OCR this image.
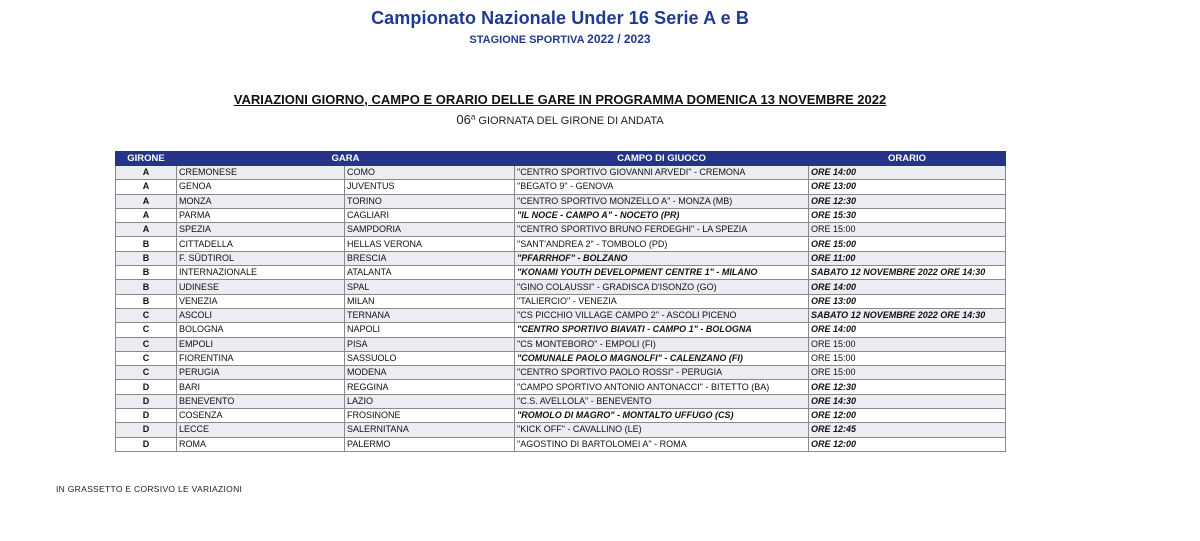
Campionato Nazionale Under 16 Serie A e B
STAGIONE SPORTIVA 2022 / 2023
VARIAZIONI GIORNO, CAMPO E ORARIO DELLE GARE IN PROGRAMMA DOMENICA 13 NOVEMBRE 2022
06$^a$ GIORNATA DEL GIRONE DI ANDATA
GIRONE	GARA		CAMPO DI GIUOCO	ORARIO
A	CREMONESE	COMO	"CENTRO SPORTIVO GIOVANNI ARVEDI" - CREMONA	ORE 14:00
A	GENOA	JUVENTUS	"BEGATO 9" - GENOVA	ORE 13:00
A	MONZA	TORINO	"CENTRO SPORTIVO MONZELLO A" - MONZA (MB)	ORE 12:30
A	PARMA	CAGLIARI	"IL NOCE - CAMPO A" - NOCETO (PR)	ORE 15:30
A	SPEZIA	SAMPDORIA	"CENTRO SPORTIVO BRUNO FERDEGHI" - LA SPEZIA	ORE 15:00
B	CITTADELLA	HELLAS VERONA	"SANT'ANDREA 2" - TOMBOLO (PD)	ORE 15:00
B	F. SÜDTIROL	BRESCIA	"PFARRHOF" - BOLZANO	ORE 11:00
B	INTERNAZIONALE	ATALANTA	"KONAMI YOUTH DEVELOPMENT CENTRE 1" - MILANO	SABATO 12 NOVEMBRE 2022 ORE 14:30
B	UDINESE	SPAL	"GINO COLAUSSI" - GRADISCA D'ISONZO (GO)	ORE 14:00
B	VENEZIA	MILAN	"TALIERCIO" - VENEZIA	ORE 13:00
C	ASCOLI	TERNANA	"CS PICCHIO VILLAGE CAMPO 2" - ASCOLI PICENO	SABATO 12 NOVEMBRE 2022 ORE 14:30
C	BOLOGNA	NAPOLI	"CENTRO SPORTIVO BIAVATI - CAMPO 1" - BOLOGNA	ORE 14:00
C	EMPOLI	PISA	"CS MONTEBORO" - EMPOLI (FI)	ORE 15:00
C	FIORENTINA	SASSUOLO	"COMUNALE PAOLO MAGNOLFI" - CALENZANO (FI)	ORE 15:00
C	PERUGIA	MODENA	"CENTRO SPORTIVO PAOLO ROSSI" - PERUGIA	ORE 15:00
D	BARI	REGGINA	"CAMPO SPORTIVO ANTONIO ANTONACCI" - BITETTO (BA)	ORE 12:30
D	BENEVENTO	LAZIO	"C.S. AVELLOLA" - BENEVENTO	ORE 14:30
D	COSENZA	FROSINONE	"ROMOLO DI MAGRO" - MONTALTO UFFUGO (CS)	ORE 12:00
D	LECCE	SALERNITANA	"KICK OFF" - CAVALLINO (LE)	ORE 12:45
D	ROMA	PALERMO	"AGOSTINO DI BARTOLOMEI A" - ROMA	ORE 12:00
IN GRASSETTO E CORSIVO LE VARIAZIONI
